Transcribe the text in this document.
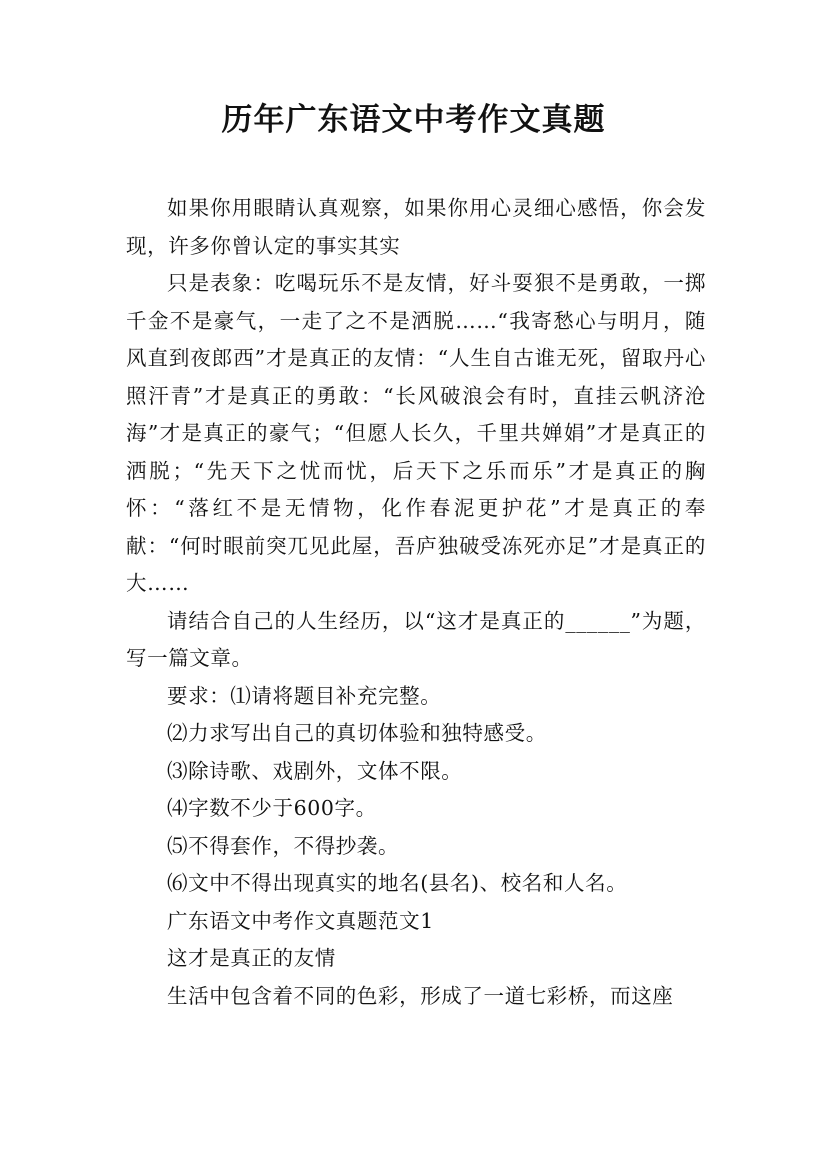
历年广东语文中考作文真题

如果你用眼睛认真观察，如果你用心灵细心感悟，你会发现，许多你曾认定的事实其实

只是表象：吃喝玩乐不是友情，好斗耍狠不是勇敢，一掷千金不是豪气，一走了之不是洒脱……“我寄愁心与明月，随风直到夜郎西”才是真正的友情：“人生自古谁无死，留取丹心照汗青”才是真正的勇敢：“长风破浪会有时，直挂云帆济沧海”才是真正的豪气；“但愿人长久，千里共婵娟”才是真正的洒脱；“先天下之忧而忧，后天下之乐而乐”才是真正的胸怀：“落红不是无情物，化作春泥更护花”才是真正的奉献：“何时眼前突兀见此屋，吾庐独破受冻死亦足”才是真正的大……

请结合自己的人生经历，以“这才是真正的______”为题，写一篇文章。

要求：⑴请将题目补充完整。

⑵力求写出自己的真切体验和独特感受。

⑶除诗歌、戏剧外，文体不限。

⑷字数不少于600字。

⑸不得套作，不得抄袭。

⑹文中不得出现真实的地名(县名)、校名和人名。

广东语文中考作文真题范文1

这才是真正的友情

生活中包含着不同的色彩，形成了一道七彩桥，而这座
